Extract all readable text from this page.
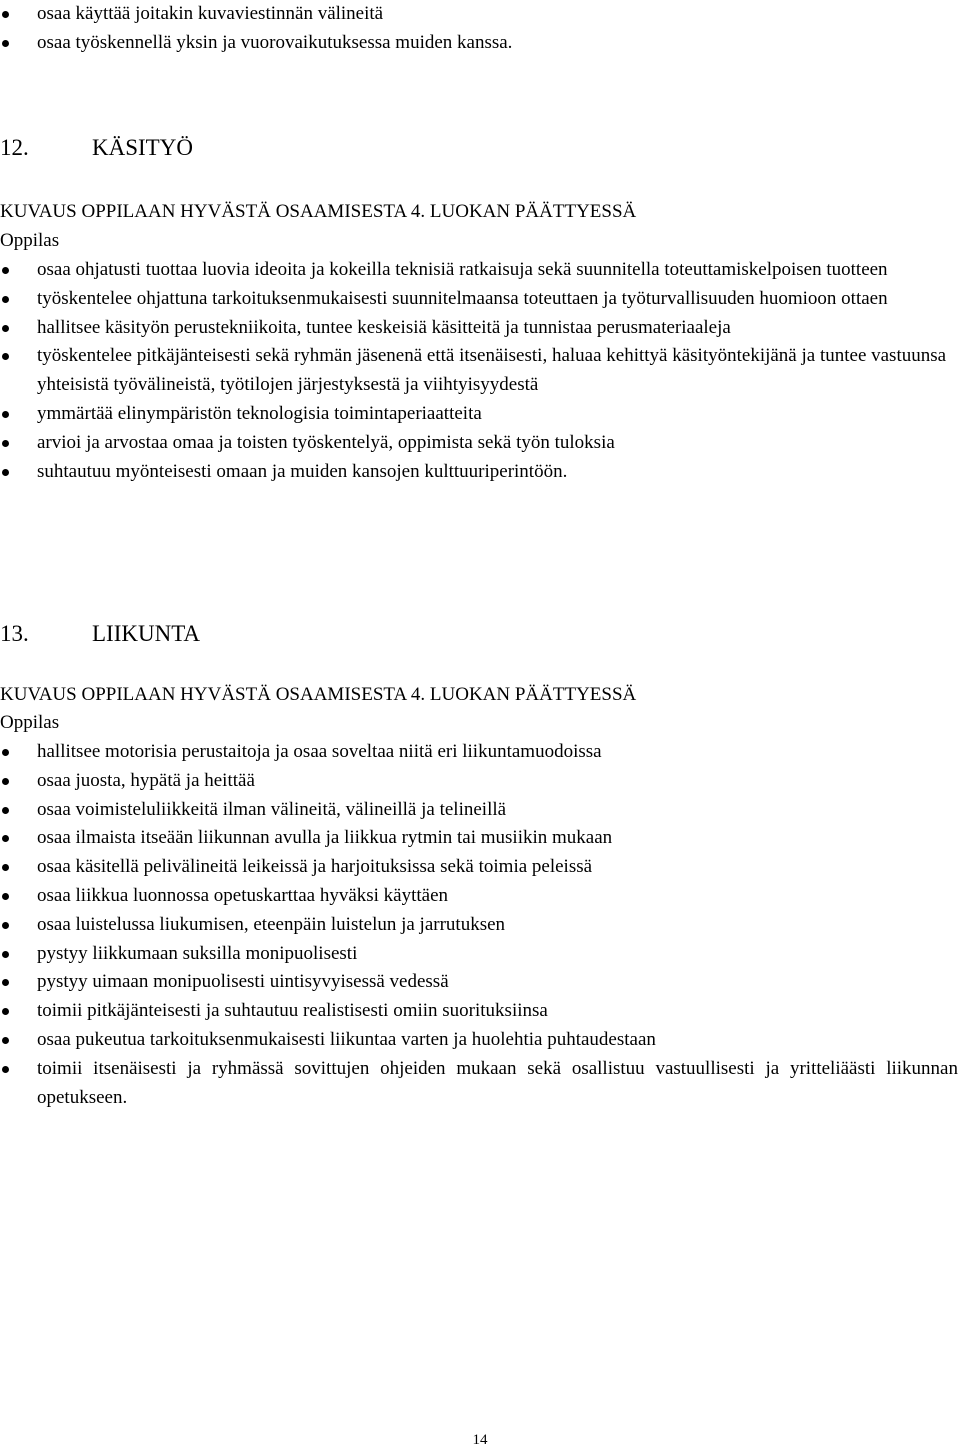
osaa käyttää joitakin kuvaviestinnän välineitä
osaa työskennellä yksin ja vuorovaikutuksessa muiden kanssa.
12.	KÄSITYÖ
KUVAUS OPPILAAN HYVÄSTÄ OSAAMISESTA 4. LUOKAN PÄÄTTYESSÄ
Oppilas
osaa ohjatusti tuottaa luovia ideoita ja kokeilla teknisiä ratkaisuja sekä suunnitella toteuttamiskelpoisen tuotteen
työskentelee ohjattuna tarkoituksenmukaisesti suunnitelmaansa toteuttaen ja työturvallisuuden huomioon ottaen
hallitsee käsityön perustekniikoita, tuntee keskeisiä käsitteitä ja tunnistaa perusmateriaaleja
työskentelee pitkäjänteisesti sekä ryhmän jäsenenä että itsenäisesti, haluaa kehittyä käsityöntekijänä ja tuntee vastuunsa yhteisistä työvälineistä, työtilojen järjestyksestä ja viihtyisyydestä
ymmärtää elinympäristön teknologisia toimintaperiaatteita
arvioi ja arvostaa omaa ja toisten työskentelyä, oppimista sekä työn tuloksia
suhtautuu myönteisesti omaan ja muiden kansojen kulttuuriperintöön.
13.	LIIKUNTA
KUVAUS OPPILAAN HYVÄSTÄ OSAAMISESTA 4. LUOKAN PÄÄTTYESSÄ
Oppilas
hallitsee motorisia perustaitoja ja osaa soveltaa niitä eri liikuntamuodoissa
osaa juosta, hypätä ja heittää
osaa voimisteluliikkeitä ilman välineitä, välineillä ja telineillä
osaa ilmaista itseään liikunnan avulla ja liikkua rytmin tai musiikin mukaan
osaa käsitellä pelivälineitä leikeissä ja harjoituksissa sekä toimia peleissä
osaa liikkua luonnossa opetuskarttaa hyväksi käyttäen
osaa luistelussa liukumisen, eteenpäin luistelun ja jarrutuksen
pystyy liikkumaan suksilla monipuolisesti
pystyy uimaan monipuolisesti uintisyvyisessä vedessä
toimii pitkäjänteisesti ja suhtautuu realistisesti omiin suorituksiinsa
osaa pukeutua tarkoituksenmukaisesti liikuntaa varten ja huolehtia puhtaudestaan
toimii itsenäisesti ja ryhmässä sovittujen ohjeiden mukaan sekä osallistuu vastuullisesti ja yritteliäästi liikunnan opetukseen.
14
